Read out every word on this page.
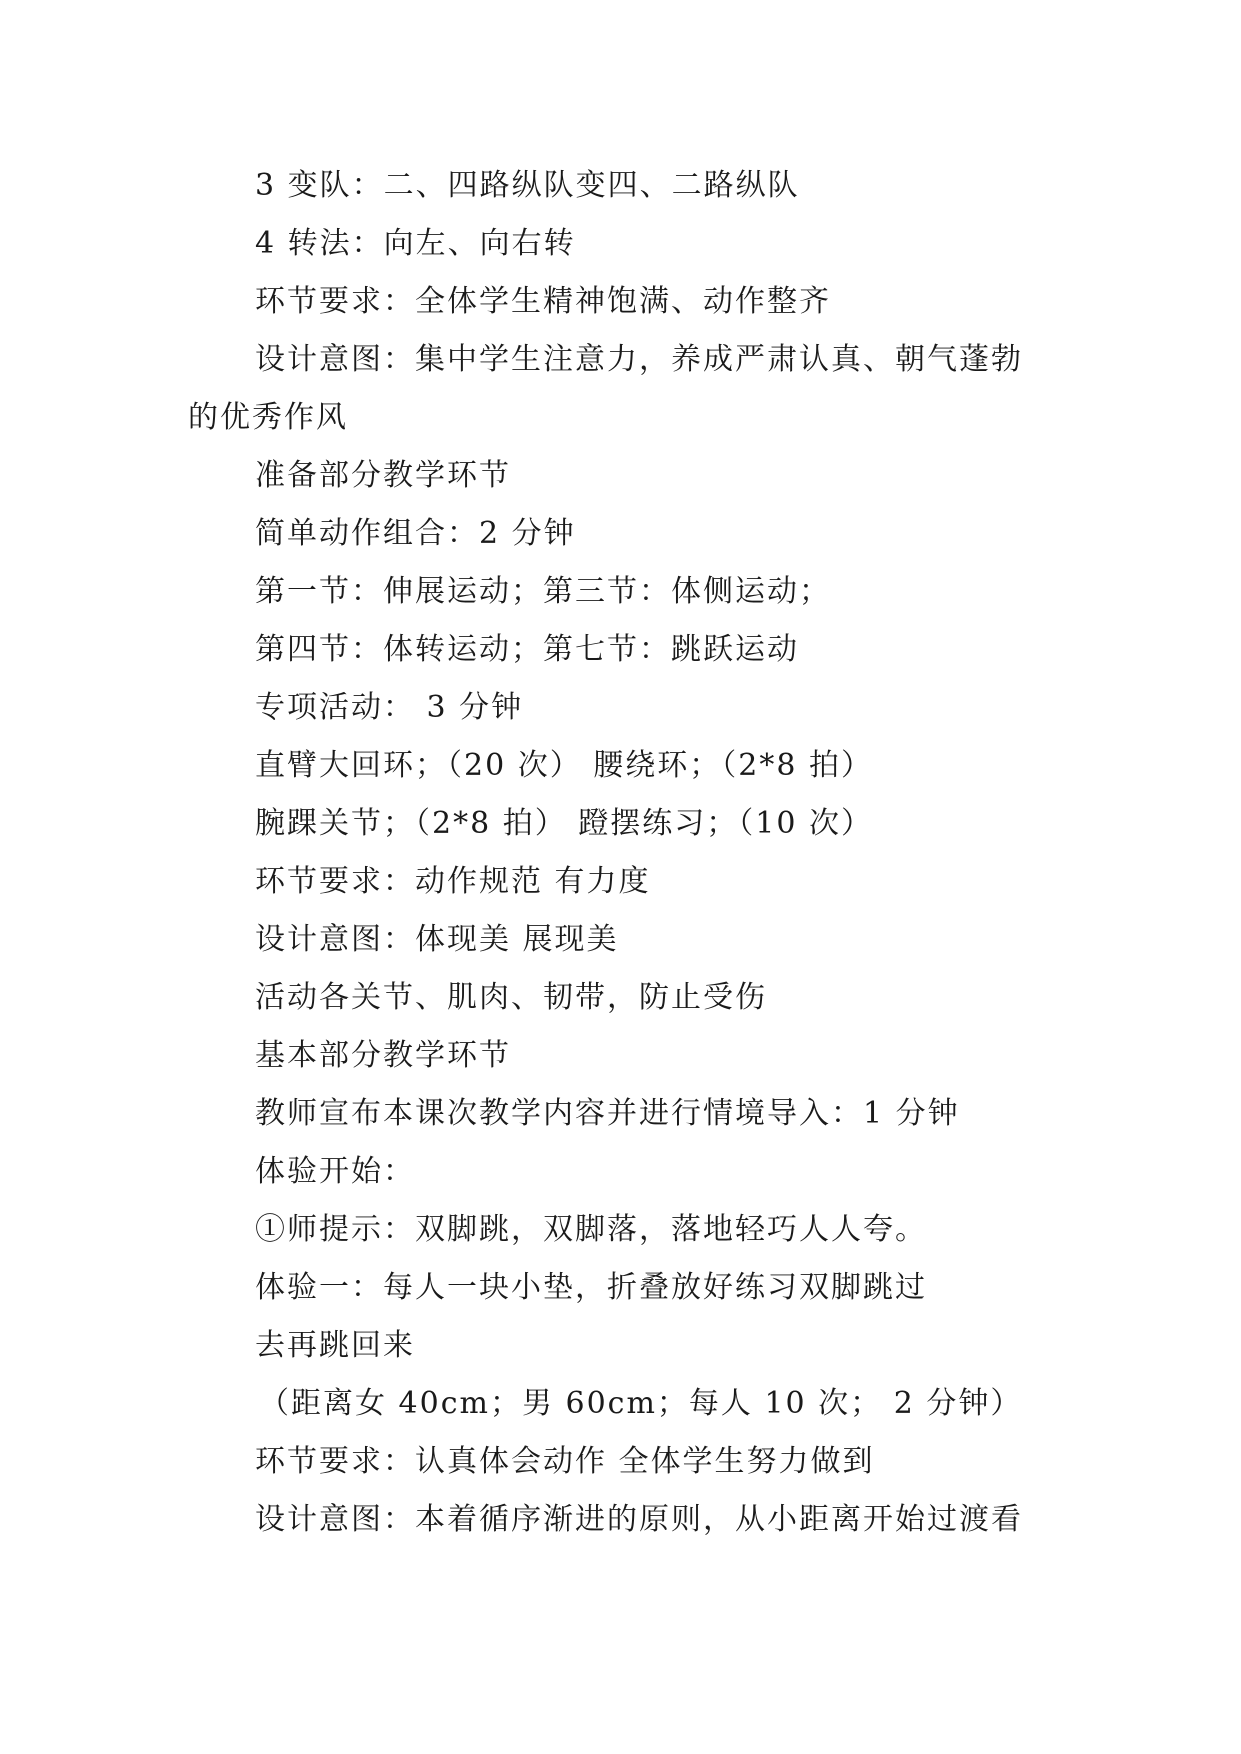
3 变队：二、四路纵队变四、二路纵队
4 转法：向左、向右转
环节要求：全体学生精神饱满、动作整齐
设计意图：集中学生注意力，养成严肃认真、朝气蓬勃
的优秀作风
准备部分教学环节
简单动作组合：2 分钟
第一节：伸展运动；第三节：体侧运动；
第四节：体转运动；第七节：跳跃运动
专项活动： 3 分钟
直臂大回环；（20 次） 腰绕环；（2*8 拍）
腕踝关节；（2*8 拍） 蹬摆练习；（10 次）
环节要求：动作规范 有力度
设计意图：体现美 展现美
活动各关节、肌肉、韧带，防止受伤
基本部分教学环节
教师宣布本课次教学内容并进行情境导入：1 分钟
体验开始：
①师提示：双脚跳，双脚落，落地轻巧人人夸。
体验一：每人一块小垫，折叠放好练习双脚跳过
去再跳回来
（距离女 40cm；男 60cm；每人 10 次； 2 分钟）
环节要求：认真体会动作 全体学生努力做到
设计意图：本着循序渐进的原则，从小距离开始过渡看
